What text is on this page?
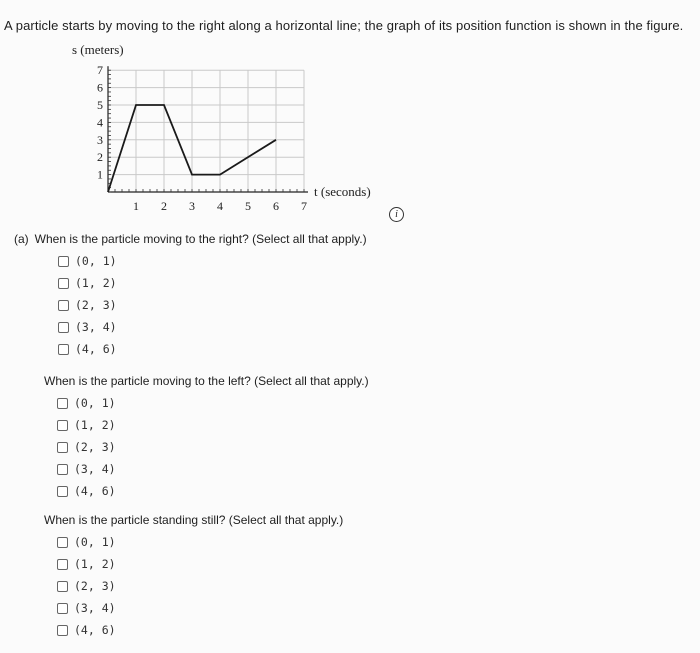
A particle starts by moving to the right along a horizontal line; the graph of its position function is shown in the figure.
1 2 3 4 5 6 7
1
2
3
4
5
6
7
s (meters)
t (seconds)
i
(a) When is the particle moving to the right? (Select all that apply.)
(0, 1)
(1, 2)
(2, 3)
(3, 4)
(4, 6)
When is the particle moving to the left? (Select all that apply.)
(0, 1)
(1, 2)
(2, 3)
(3, 4)
(4, 6)
When is the particle standing still? (Select all that apply.)
(0, 1)
(1, 2)
(2, 3)
(3, 4)
(4, 6)
